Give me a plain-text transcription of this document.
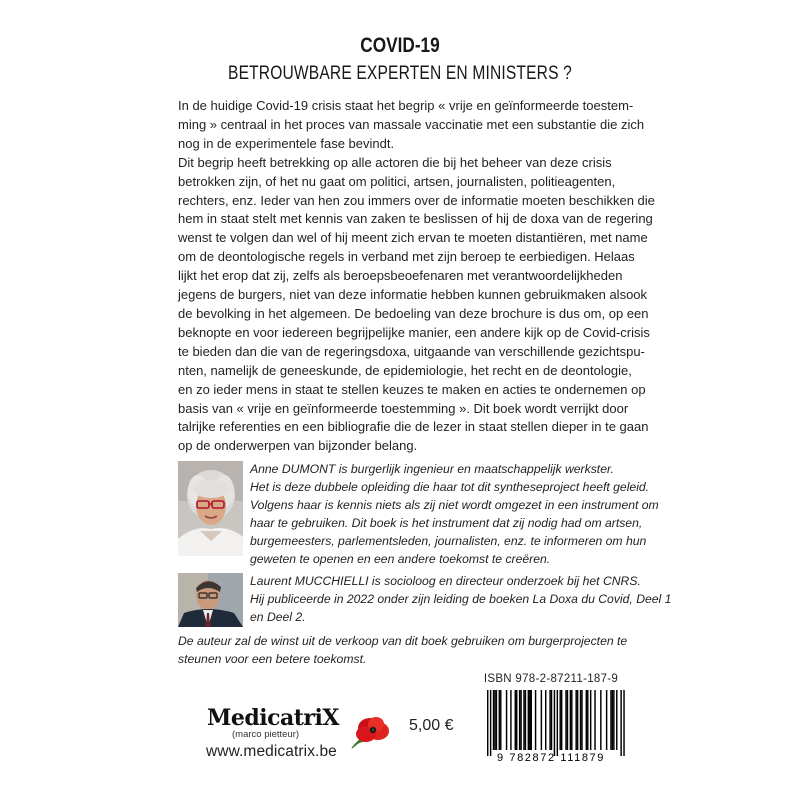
COVID-19
BETROUWBARE EXPERTEN EN MINISTERS ?
In de huidige Covid-19 crisis staat het begrip « vrije en geïnformeerde toestem-
ming » centraal in het proces van massale vaccinatie met een substantie die zich
nog in de experimentele fase bevindt.
Dit begrip heeft betrekking op alle actoren die bij het beheer van deze crisis
betrokken zijn, of het nu gaat om politici, artsen, journalisten, politieagenten,
rechters, enz. Ieder van hen zou immers over de informatie moeten beschikken die
hem in staat stelt met kennis van zaken te beslissen of hij de doxa van de regering
wenst te volgen dan wel of hij meent zich ervan te moeten distantiëren, met name
om de deontologische regels in verband met zijn beroep te eerbiedigen. Helaas
lijkt het erop dat zij, zelfs als beroepsbeoefenaren met verantwoordelijkheden
jegens de burgers, niet van deze informatie hebben kunnen gebruikmaken alsook
de bevolking in het algemeen. De bedoeling van deze brochure is dus om, op een
beknopte en voor iedereen begrijpelijke manier, een andere kijk op de Covid-crisis
te bieden dan die van de regeringsdoxa, uitgaande van verschillende gezichtspu-
nten, namelijk de geneeskunde, de epidemiologie, het recht en de deontologie,
en zo ieder mens in staat te stellen keuzes te maken en acties te ondernemen op
basis van « vrije en geïnformeerde toestemming ». Dit boek wordt verrijkt door
talrijke referenties en een bibliografie die de lezer in staat stellen dieper in te gaan
op de onderwerpen van bijzonder belang.
Anne DUMONT is burgerlijk ingenieur en maatschappelijk werkster.
Het is deze dubbele opleiding die haar tot dit syntheseproject heeft geleid.
Volgens haar is kennis niets als zij niet wordt omgezet in een instrument om
haar te gebruiken. Dit boek is het instrument dat zij nodig had om artsen,
burgemeesters, parlementsleden, journalisten, enz. te informeren om hun
geweten te openen en een andere toekomst te creëren.
Laurent MUCCHIELLI is socioloog en directeur onderzoek bij het CNRS.
Hij publiceerde in 2022 onder zijn leiding de boeken La Doxa du Covid, Deel 1
en Deel 2.
De auteur zal de winst uit de verkoop van dit boek gebruiken om burgerprojecten te
steunen voor een betere toekomst.
ISBN 978-2-87211-187-9
9 782872 111879
MedicatriX
(marco pietteur)
www.medicatrix.be
5,00 €
